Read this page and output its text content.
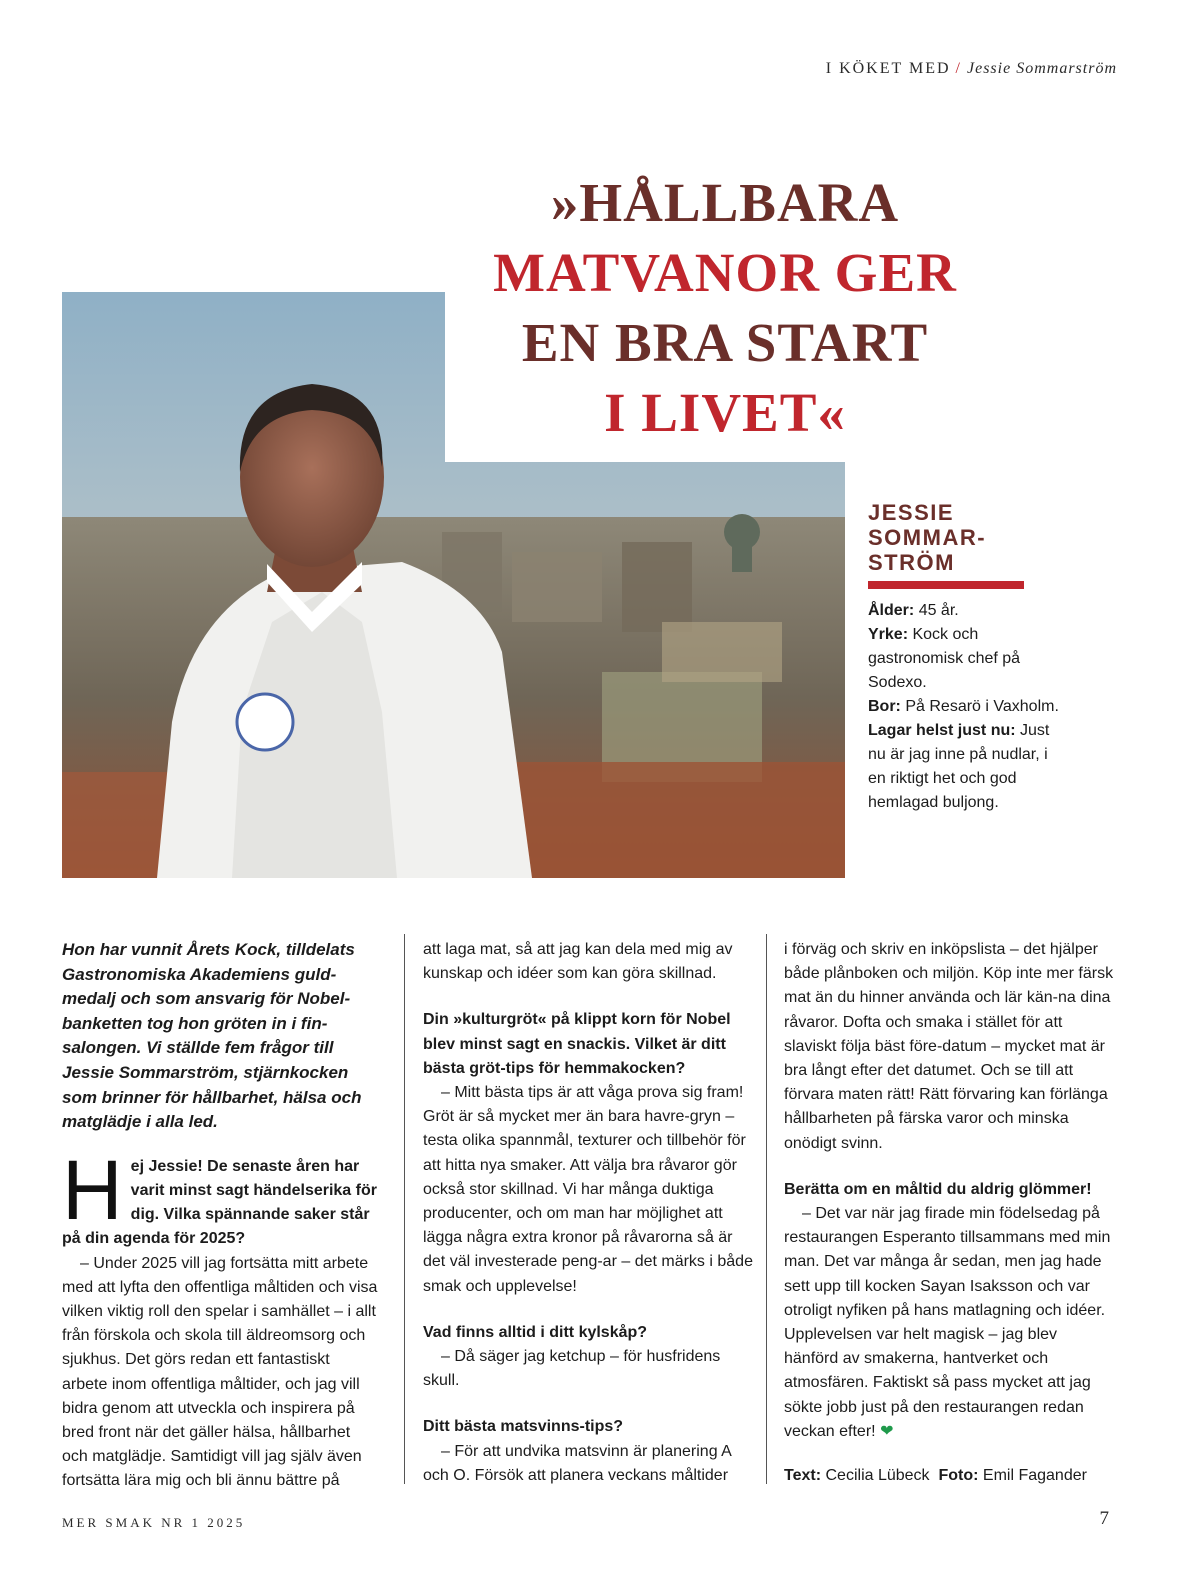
I KÖKET MED / Jessie Sommarström
»HÅLLBARA
MATVANOR GER
EN BRA START
I LIVET«
JESSIE SOMMAR- STRÖM
Ålder: 45 år.
Yrke: Kock och gastronomisk chef på Sodexo.
Bor: På Resarö i Vaxholm.
Lagar helst just nu: Just nu är jag inne på nudlar, i en riktigt het och god hemlagad buljong.

Hon har vunnit Årets Kock, tilldelats Gastronomiska Akademiens guld-medalj och som ansvarig för Nobel-banketten tog hon gröten in i fin-salongen. Vi ställde fem frågor till Jessie Sommarström, stjärnkocken som brinner för hållbarhet, hälsa och matglädje i alla led.

H ej Jessie! De senaste åren har varit minst sagt händelserika för dig. Vilka spännande saker står på din agenda för 2025?

– Under 2025 vill jag fortsätta mitt arbete med att lyfta den offentliga måltiden och visa vilken viktig roll den spelar i samhället – i allt från förskola och skola till äldreomsorg och sjukhus. Det görs redan ett fantastiskt arbete inom offentliga måltider, och jag vill bidra genom att utveckla och inspirera på bred front när det gäller hälsa, hållbarhet och matglädje. Samtidigt vill jag själv även fortsätta lära mig och bli ännu bättre på

att laga mat, så att jag kan dela med mig av kunskap och idéer som kan göra skillnad.

Din »kulturgröt« på klippt korn för Nobel blev minst sagt en snackis. Vilket är ditt bästa gröt-tips för hemmakocken?

– Mitt bästa tips är att våga prova sig fram! Gröt är så mycket mer än bara havre-gryn – testa olika spannmål, texturer och tillbehör för att hitta nya smaker. Att välja bra råvaror gör också stor skillnad. Vi har många duktiga producenter, och om man har möjlighet att lägga några extra kronor på råvarorna så är det väl investerade peng-ar – det märks i både smak och upplevelse!

Vad finns alltid i ditt kylskåp?

– Då säger jag ketchup – för husfridens skull.

Ditt bästa matsvinns-tips?

– För att undvika matsvinn är planering A och O. Försök att planera veckans måltider

i förväg och skriv en inköpslista – det hjälper både plånboken och miljön. Köp inte mer färsk mat än du hinner använda och lär kän-na dina råvaror. Dofta och smaka i stället för att slaviskt följa bäst före-datum – mycket mat är bra långt efter det datumet. Och se till att förvara maten rätt! Rätt förvaring kan förlänga hållbarheten på färska varor och minska onödigt svinn.

Berätta om en måltid du aldrig glömmer!

– Det var när jag firade min födelsedag på restaurangen Esperanto tillsammans med min man. Det var många år sedan, men jag hade sett upp till kocken Sayan Isaksson och var otroligt nyfiken på hans matlagning och idéer. Upplevelsen var helt magisk – jag blev hänförd av smakerna, hantverket och atmosfären. Faktiskt så pass mycket att jag sökte jobb just på den restaurangen redan veckan efter! ❤

Text: Cecilia Lübeck Foto: Emil Fagander
MER SMAK NR 1 2025	7
